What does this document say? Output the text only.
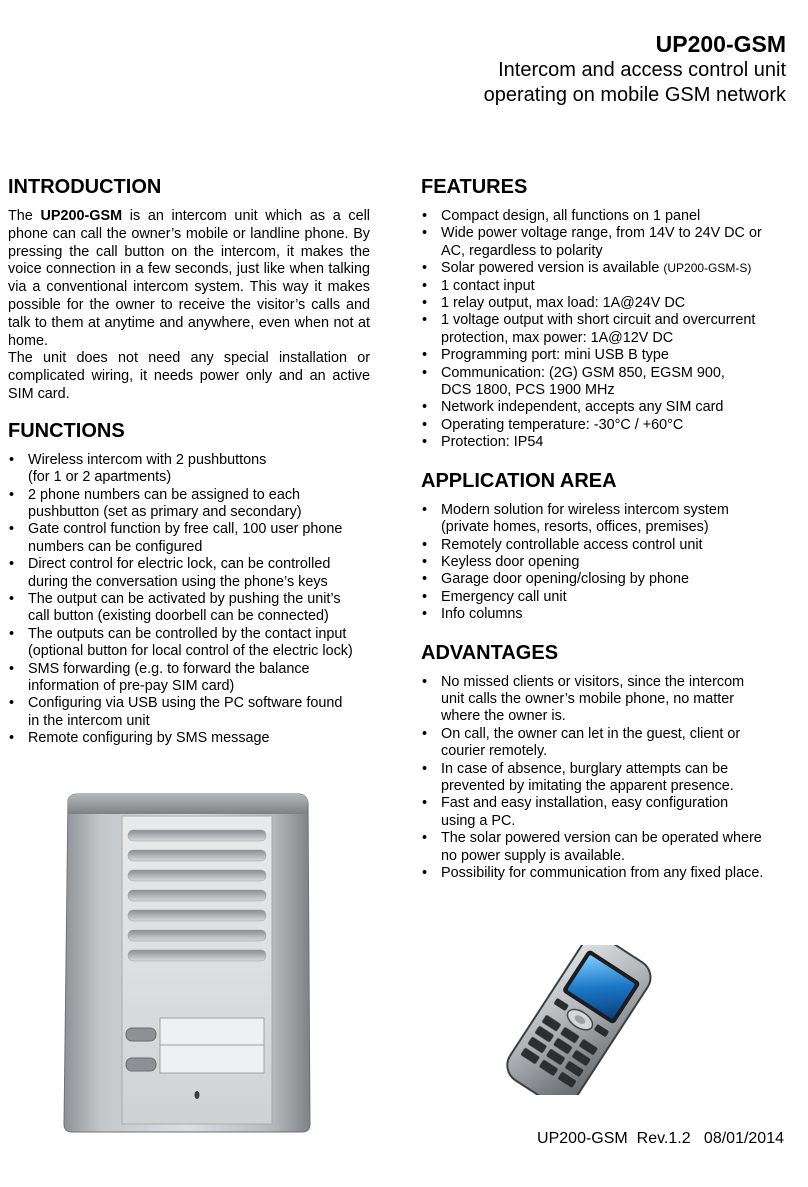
UP200-GSM
Intercom and access control unit
operating on mobile GSM network
INTRODUCTION

The UP200-GSM is an intercom unit which as a cell phone can call the owner’s mobile or landline phone. By pressing the call button on the intercom, it makes the voice connection in a few seconds, just like when talking via a conventional intercom system. This way it makes possible for the owner to receive the visitor’s calls and talk to them at anytime and anywhere, even when not at home.

The unit does not need any special installation or complicated wiring, it needs power only and an active SIM card.

FUNCTIONS
• Wireless intercom with 2 pushbuttons
(for 1 or 2 apartments)
• 2 phone numbers can be assigned to each
pushbutton (set as primary and secondary)
• Gate control function by free call, 100 user phone
numbers can be configured
• Direct control for electric lock, can be controlled
during the conversation using the phone’s keys
• The output can be activated by pushing the unit’s
call button (existing doorbell can be connected)
• The outputs can be controlled by the contact input
(optional button for local control of the electric lock)
• SMS forwarding (e.g. to forward the balance
information of pre-pay SIM card)
• Configuring via USB using the PC software found
in the intercom unit
• Remote configuring by SMS message
FEATURES
• Compact design, all functions on 1 panel
• Wide power voltage range, from 14V to 24V DC or
AC, regardless to polarity
• Solar powered version is available (UP200-GSM-S)
• 1 contact input
• 1 relay output, max load: 1A@24V DC
• 1 voltage output with short circuit and overcurrent
protection, max power: 1A@12V DC
• Programming port: mini USB B type
• Communication: (2G) GSM 850, EGSM 900,
DCS 1800, PCS 1900 MHz
• Network independent, accepts any SIM card
• Operating temperature: -30°C / +60°C
• Protection: IP54
APPLICATION AREA
• Modern solution for wireless intercom system
(private homes, resorts, offices, premises)
• Remotely controllable access control unit
• Keyless door opening
• Garage door opening/closing by phone
• Emergency call unit
• Info columns
ADVANTAGES
• No missed clients or visitors, since the intercom
unit calls the owner’s mobile phone, no matter
where the owner is.
• On call, the owner can let in the guest, client or
courier remotely.
• In case of absence, burglary attempts can be
prevented by imitating the apparent presence.
• Fast and easy installation, easy configuration
using a PC.
• The solar powered version can be operated where
no power supply is available.
• Possibility for communication from any fixed place.
UP200-GSM  Rev.1.2   08/01/2014
